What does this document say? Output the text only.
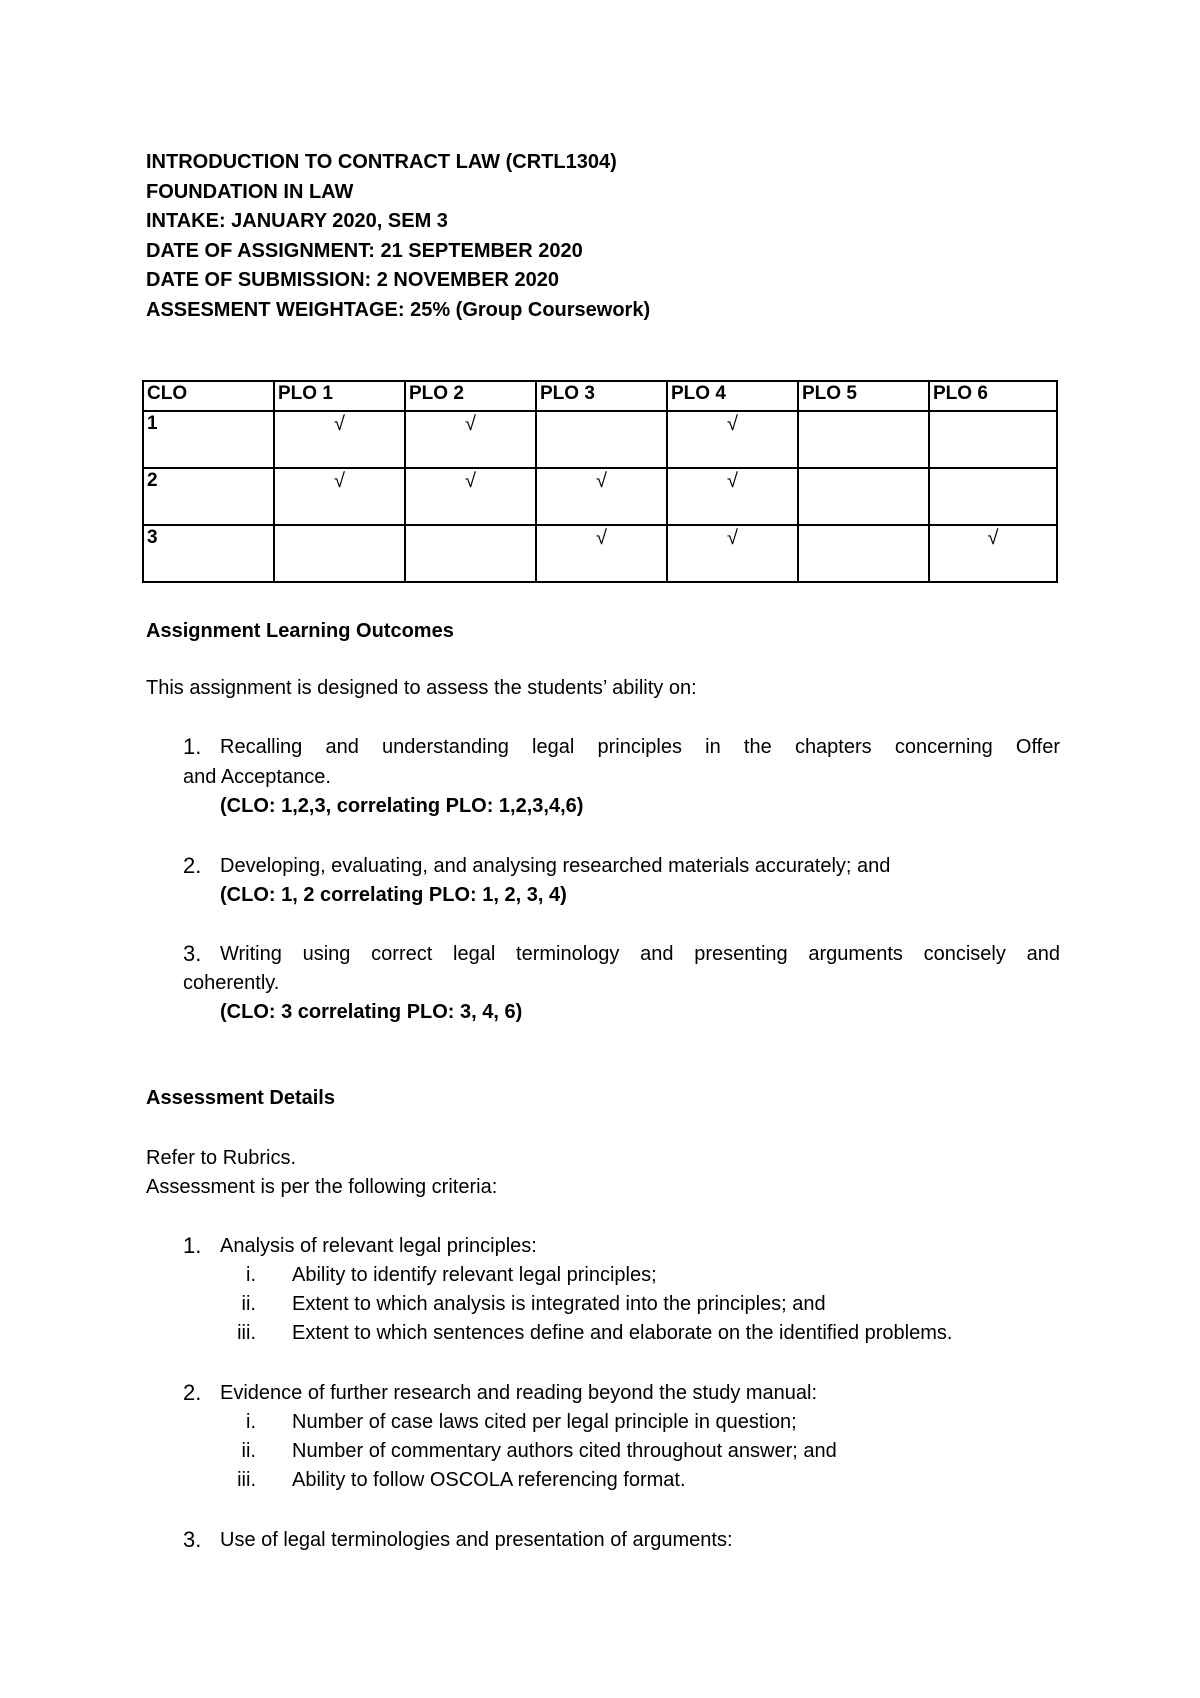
INTRODUCTION TO CONTRACT LAW (CRTL1304)
FOUNDATION IN LAW
INTAKE: JANUARY 2020, SEM 3
DATE OF ASSIGNMENT: 21 SEPTEMBER 2020
DATE OF SUBMISSION: 2 NOVEMBER 2020
ASSESMENT WEIGHTAGE: 25% (Group Coursework)
CLO	PLO 1	PLO 2	PLO 3	PLO 4	PLO 5	PLO 6
1	√	√		√		
2	√	√	√	√		
3			√	√		√
Assignment Learning Outcomes
This assignment is designed to assess the students’ ability on:
1. Recalling and understanding legal principles in the chapters concerning Offer
and Acceptance.
(CLO: 1,2,3, correlating PLO: 1,2,3,4,6)
2. Developing, evaluating, and analysing researched materials accurately; and
(CLO: 1, 2 correlating PLO: 1, 2, 3, 4)
3. Writing using correct legal terminology and presenting arguments concisely and
coherently.
(CLO: 3 correlating PLO: 3, 4, 6)
Assessment Details
Refer to Rubrics.
Assessment is per the following criteria:
1. Analysis of relevant legal principles:
i. Ability to identify relevant legal principles;
ii. Extent to which analysis is integrated into the principles; and
iii. Extent to which sentences define and elaborate on the identified problems.
2. Evidence of further research and reading beyond the study manual:
i. Number of case laws cited per legal principle in question;
ii. Number of commentary authors cited throughout answer; and
iii. Ability to follow OSCOLA referencing format.
3. Use of legal terminologies and presentation of arguments:
